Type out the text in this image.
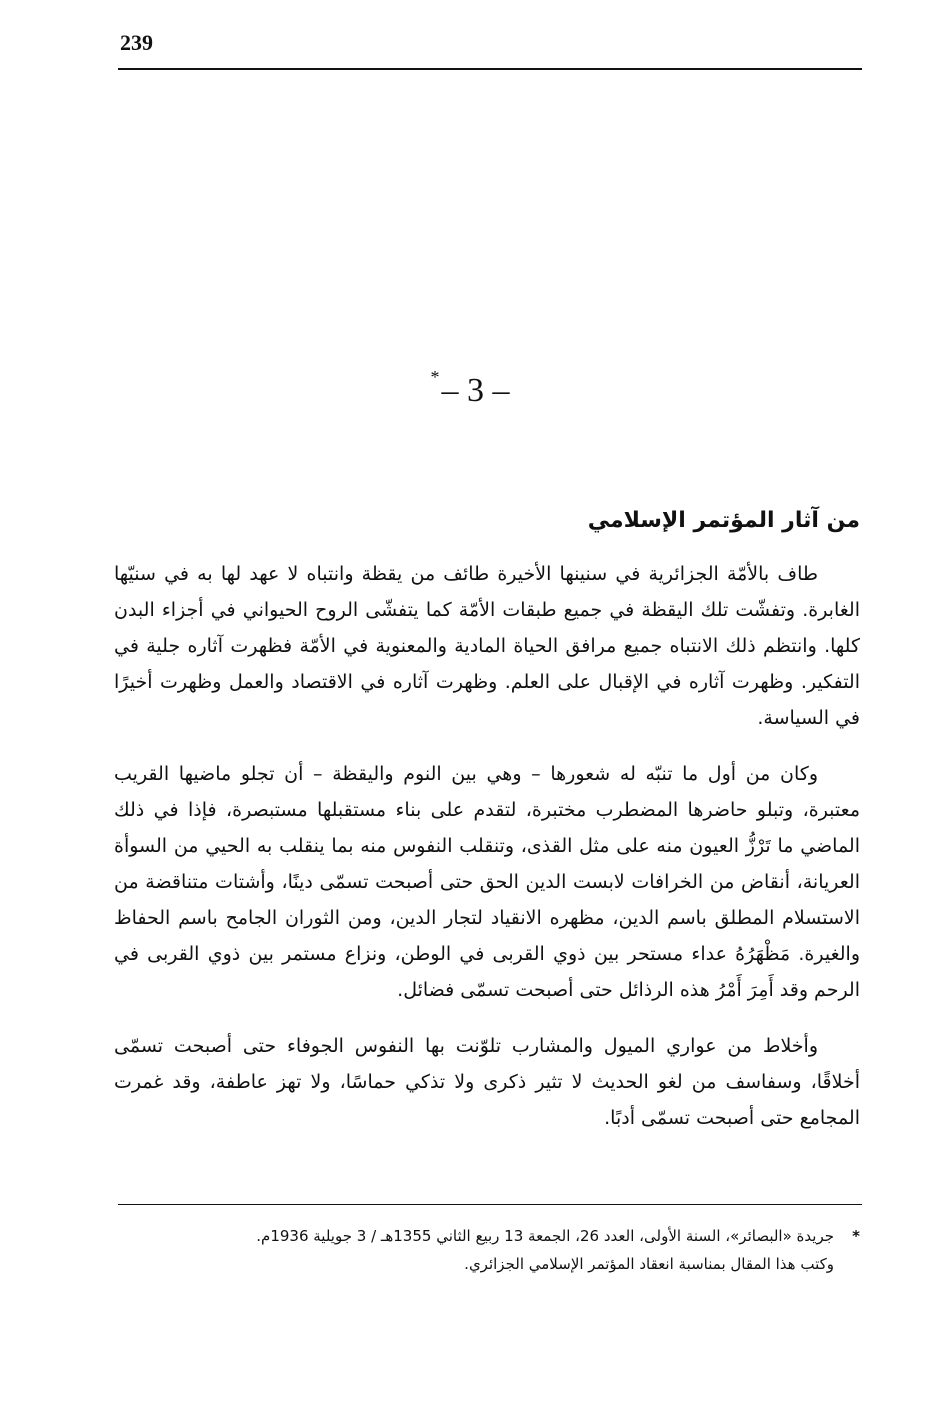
239
*– 3 –
من آثار المؤتمر الإسلامي

طاف بالأمّة الجزائرية في سنينها الأخيرة طائف من يقظة وانتباه لا عهد لها به في سنيّها الغابرة. وتفشّت تلك اليقظة في جميع طبقات الأمّة كما يتفشّى الروح الحيواني في أجزاء البدن كلها. وانتظم ذلك الانتباه جميع مرافق الحياة المادية والمعنوية في الأمّة فظهرت آثاره جلية في التفكير. وظهرت آثاره في الإقبال على العلم. وظهرت آثاره في الاقتصاد والعمل وظهرت أخيرًا في السياسة.

وكان من أول ما تنبّه له شعورها – وهي بين النوم واليقظة – أن تجلو ماضيها القريب معتبرة، وتبلو حاضرها المضطرب مختبرة، لتقدم على بناء مستقبلها مستبصرة، فإذا في ذلك الماضي ما تَرْزُّ العيون منه على مثل القذى، وتنقلب النفوس منه بما ينقلب به الحيي من السوأة العريانة، أنقاض من الخرافات لابست الدين الحق حتى أصبحت تسمّى دينًا، وأشتات متناقضة من الاستسلام المطلق باسم الدين، مظهره الانقياد لتجار الدين، ومن الثوران الجامح باسم الحفاظ والغيرة. مَظْهَرُهُ عداء مستحر بين ذوي القربى في الوطن، ونزاع مستمر بين ذوي القربى في الرحم وقد أَمِرَ أَمْرُ هذه الرذائل حتى أصبحت تسمّى فضائل.

وأخلاط من عواري الميول والمشارب تلوّنت بها النفوس الجوفاء حتى أصبحت تسمّى أخلاقًا، وسفاسف من لغو الحديث لا تثير ذكرى ولا تذكي حماسًا، ولا تهز عاطفة، وقد غمرت المجامع حتى أصبحت تسمّى أدبًا.

*جريدة «البصائر»، السنة الأولى، العدد 26، الجمعة 13 ربيع الثاني 1355هـ / 3 جويلية 1936م.
وكتب هذا المقال بمناسبة انعقاد المؤتمر الإسلامي الجزائري.
